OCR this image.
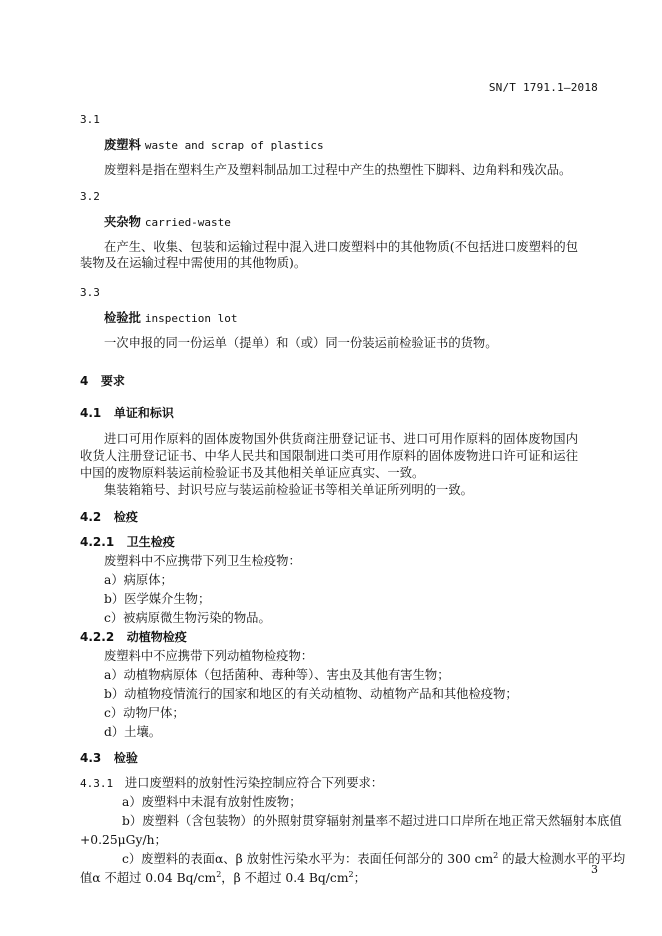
SN/T 1791.1—2018
3.1
废塑料 waste and scrap of plastics
废塑料是指在塑料生产及塑料制品加工过程中产生的热塑性下脚料、边角料和残次品。
3.2
夹杂物 carried-waste
在产生、收集、包装和运输过程中混入进口废塑料中的其他物质(不包括进口废塑料的包装物及在运输过程中需使用的其他物质)。
3.3
检验批 inspection lot
一次申报的同一份运单（提单）和（或）同一份装运前检验证书的货物。
4 要求
4.1 单证和标识
进口可用作原料的固体废物国外供货商注册登记证书、进口可用作原料的固体废物国内收货人注册登记证书、中华人民共和国限制进口类可用作原料的固体废物进口许可证和运往中国的废物原料装运前检验证书及其他相关单证应真实、一致。
集装箱箱号、封识号应与装运前检验证书等相关单证所列明的一致。
4.2 检疫
4.2.1 卫生检疫
废塑料中不应携带下列卫生检疫物：
a）病原体；
b）医学媒介生物；
c）被病原微生物污染的物品。
4.2.2 动植物检疫
废塑料中不应携带下列动植物检疫物：
a）动植物病原体（包括菌种、毒种等）、害虫及其他有害生物；
b）动植物疫情流行的国家和地区的有关动植物、动植物产品和其他检疫物；
c）动物尸体；
d）土壤。
4.3 检验
4.3.1 进口废塑料的放射性污染控制应符合下列要求：
a）废塑料中未混有放射性废物；
b）废塑料（含包装物）的外照射贯穿辐射剂量率不超过进口口岸所在地正常天然辐射本底值
+0.25μGy/h；
c）废塑料的表面α、β 放射性污染水平为：表面任何部分的 300 $cm^2$ 的最大检测水平的平均
值α 不超过 0.04 $Bq/cm^2$，β 不超过 0.4 $Bq/cm^2$；
3
